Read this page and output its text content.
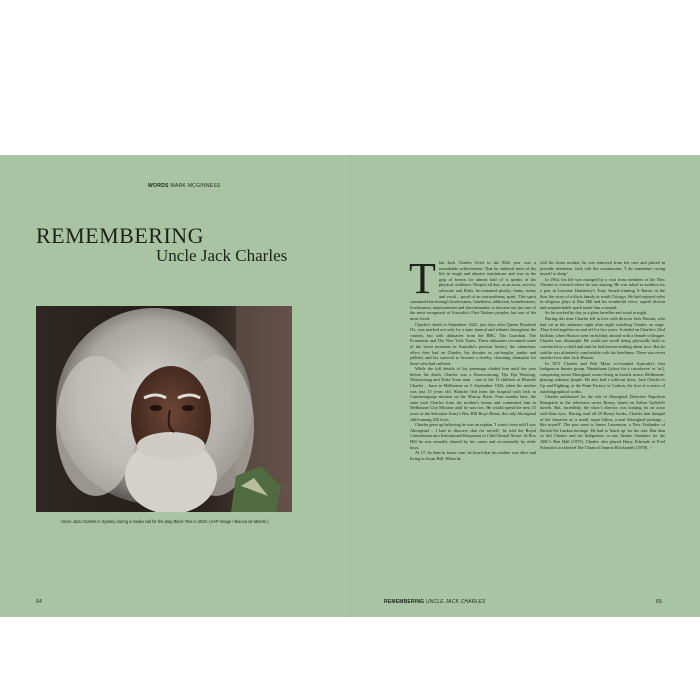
WORDS MARK MCGINNESS
REMEMBERING
Uncle Jack Charles
Uncle Jack Charles in Sydney during a media call for the play Black Ties in 2020. (AAP Image / Bianca de Marchi.)

That Jack Charles lived to his 80th year was a remarkable achievement. That he endured most of his life in tough and abusive institutions and was in the grip of heroin for almost half of it speaks of his physical resilience. Despite all that, as an actor, activist, advocate and Elder, he remained plucky, funny, sunny and vocal – proof of an extraordinary spirit. This spirit sustained him through lovelessness, loneliness, addiction, homelessness, lowlessness, imprisonment and discrimination to become not just one of the most recognised of Australia's First Nations peoples, but one of the most loved.

Charles's death in September 2022, just days after Queen Elizabeth II's, was marked not only by a state funeral and tributes throughout the country, but with obituaries from the BBC, The Guardian, The Economist and The New York Times. These obituaries recounted some of the worst moments in Australia's postwar history, the calamitous effect they had on Charles, his decades as cat-burglar, junkie and jailbird, and his survival to become a cheeky, charming champion for those who had suffered.

While the full details of his parentage eluded him until the year before his death, Charles was a Boonwurrung, Dja Dja Wurrung, Woiwurrung and Yorta Yorta man – one of the 13 children of Blanche Charles – born in Melbourne on 5 September 1943, when his mother was just 15 years old. Blanche fled from the hospital with Jack to Cummeragunja mission on the Murray River. Four months later, the state took Charles from his mother's breast and committed him to Melbourne City Mission until he was two. He would spend the next 15 years at the Salvation Army's Box Hill Boys' Home, the only Aboriginal child among 250 boys.

Charles grew up believing he was an orphan. 'I wasn't even told I was Aboriginal – I had to discover that for myself,' he told the Royal Commission into Institutional Responses to Child Sexual Abuse. At Box Hill he was sexually abused by his carers and occasionally by older boys.

At 17, by then in foster care, he heard that his mother was alive and living in Swan Hill. When he

told his foster mother, he was removed from her care and placed in juvenile detention. Jack told the commission, 'I do remember crying myself to sleep.'

In 1964, his life was changed by a visit from members of the New Theatre to a hostel where he was staying. He was asked to audition for a part in Lorraine Hansberry's Tony Award-winning A Raisin in the Sun, the story of a black family in south Chicago. He had enjoyed roles in religious plays at Box Hill and his wonderful voice, superb diction and unquenchable spark made him a natural.

So he worked by day as a glass beveller and acted at night.

During this time Charles fell in love with director Jack Huston, who had sat in the audience night after night watching Charles on stage. They lived together on and off for five years. It ended on Charles's 23rd birthday when Huston went on holiday abroad with a female colleague. Charles was distraught. He could not recall being physically held or comforted as a child and said he had known nothing about love. But he said he was ultimately comfortable with his loneliness. There was never another love after Jack Huston.

In 1971 Charles and Bob Maza co-founded Australia's first Indigenous theatre group, Nindethana ('place for a corroboree' or 'us'), comprising seven Aboriginal actors living in hostels across Melbourne, playing ordinary people. He also had a sold-out show, Jack Charles is Up and Fighting, at the Pram Factory in Carlton, the first of a series of autobiographical works.

Charles auditioned for the role of Aboriginal Detective Napoleon Bonaparte in the television series Boney, based on Arthur Upfield's novels. But, incredibly, the show's director was looking for an actor with blue eyes. Having read all 29 Boney books, Charles had thought of the character as 'a small, squat fellow, a neat Aboriginal package – like myself'. The part went to James Laurenson, a New Zealander of British-Sri Lankan heritage. He had to 'black up' for the role. But then so did Charles and his Indigenous co-star Justine Saunders for the ABC's Ben Hall (1975). Charles also played Harry Edwards in Fred Schepisi's acclaimed The Chant of Jimmie Blacksmith (1978). >

64	REMEMBERING UNCLE JACK CHARLES	65
